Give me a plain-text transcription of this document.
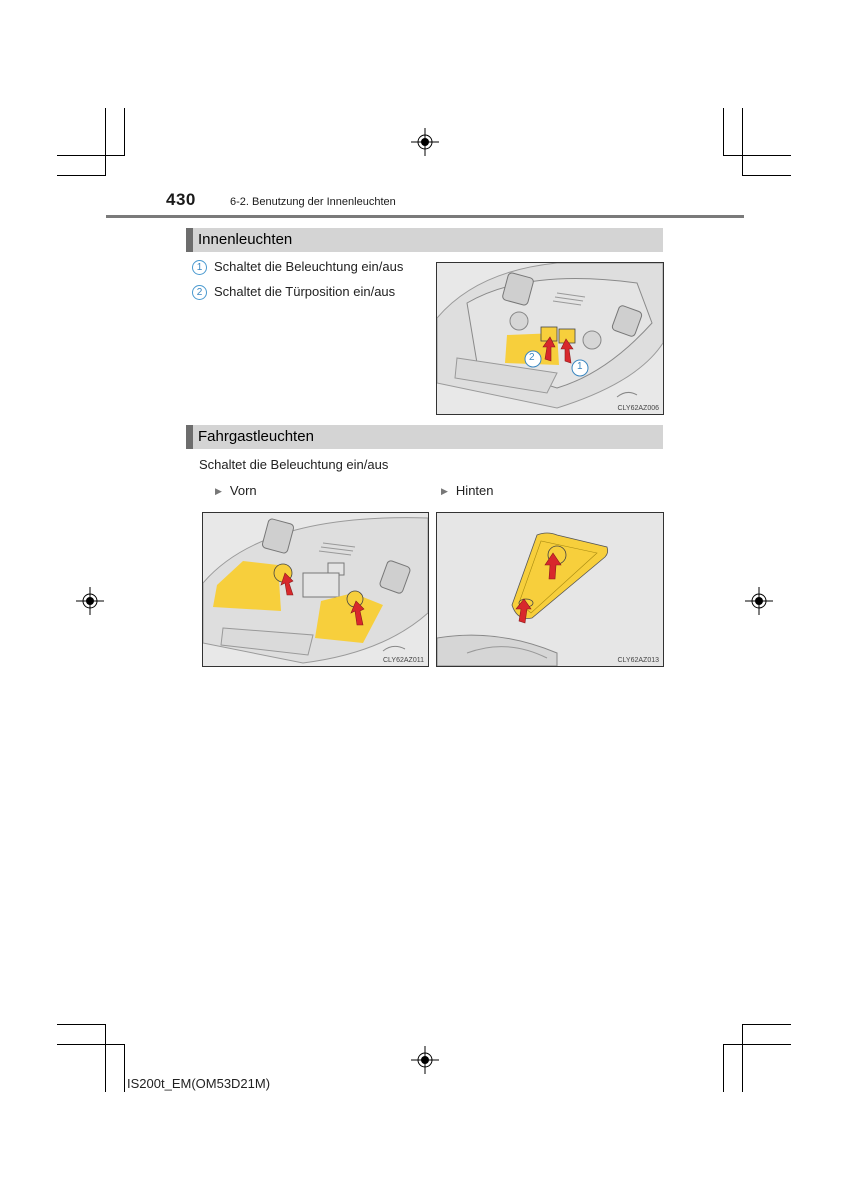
430	6-2. Benutzung der Innenleuchten
Innenleuchten
1 Schaltet die Beleuchtung ein/aus
2 Schaltet die Türposition ein/aus
2
1
CLY62AZ006
Fahrgastleuchten
Schaltet die Beleuchtung ein/aus
▶ Vorn	▶ Hinten
CLY62AZ011	CLY62AZ013
IS200t_EM(OM53D21M)
